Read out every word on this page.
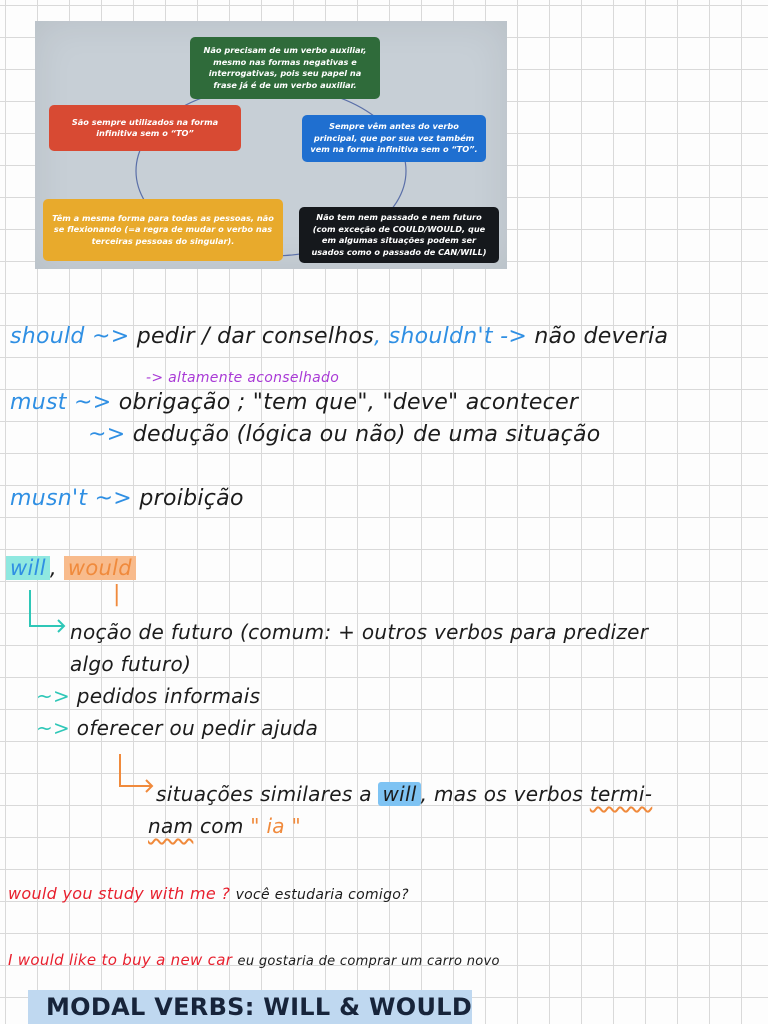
Não precisam de um verbo auxiliar, mesmo nas formas negativas e interrogativas, pois seu papel na frase já é de um verbo auxiliar.
São sempre utilizados na forma infinitiva sem o “TO”
Sempre vêm antes do verbo principal, que por sua vez também vem na forma infinitiva sem o “TO”.
Têm a mesma forma para todas as pessoas, não se flexionando (=a regra de mudar o verbo nas terceiras pessoas do singular).
Não tem nem passado e nem futuro (com exceção de COULD/WOULD, que em algumas situações podem ser usados como o passado de CAN/WILL)
should ~> pedir / dar conselhos, shouldn't -> não deveria
-> altamente aconselhado
must ~> obrigação ; "tem que", "deve" acontecer
~> dedução (lógica ou não) de uma situação
musn't ~> proibição
will , would
|
noção de futuro (comum: + outros verbos para predizer
algo futuro)
~> pedidos informais
~> oferecer ou pedir ajuda
situações similares a will , mas os verbos termi-
nam com " ia "
would you study with me ? você estudaria comigo?
I would like to buy a new car eu gostaria de comprar um carro novo
MODAL VERBS: WILL & WOULD
